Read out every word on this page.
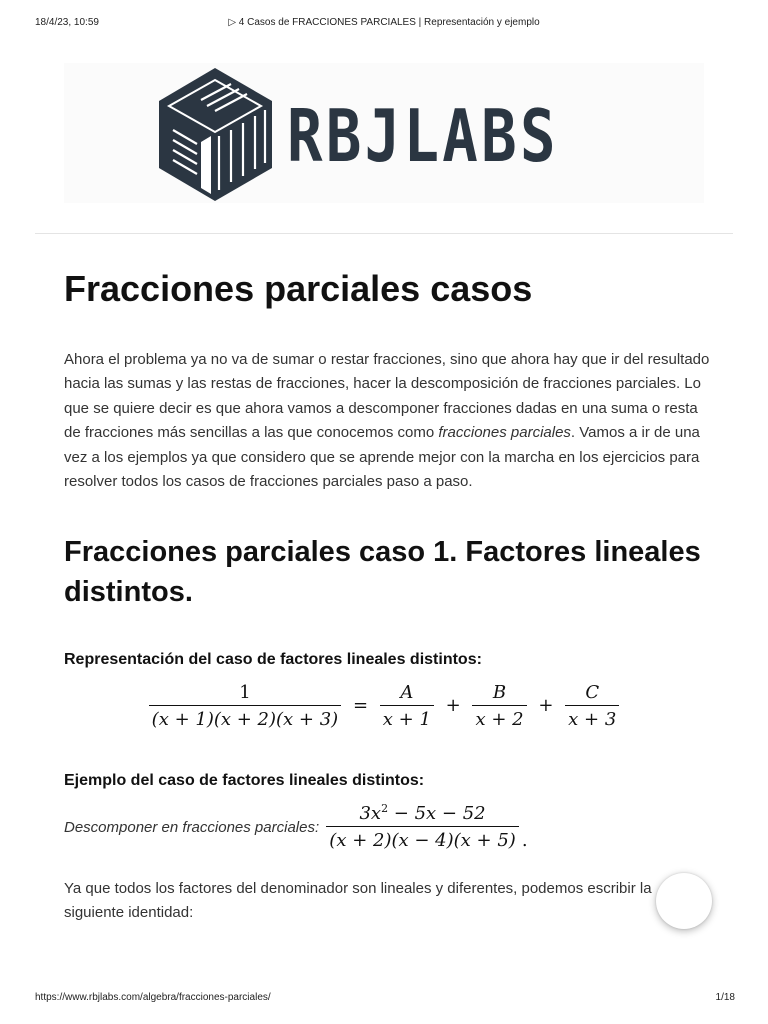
18/4/23, 10:59	▷ 4 Casos de FRACCIONES PARCIALES | Representación y ejemplo
RBJLABS
Fracciones parciales casos

Ahora el problema ya no va de sumar o restar fracciones, sino que ahora hay que ir del resultado hacia las sumas y las restas de fracciones, hacer la descomposición de fracciones parciales. Lo que se quiere decir es que ahora vamos a descomponer fracciones dadas en una suma o resta de fracciones más sencillas a las que conocemos como fracciones parciales. Vamos a ir de una vez a los ejemplos ya que considero que se aprende mejor con la marcha en los ejercicios para resolver todos los casos de fracciones parciales paso a paso.

Fracciones parciales caso 1. Factores lineales distintos.
Representación del caso de factores lineales distintos:
$\frac{1}{(x + 1)(x + 2)(x + 3)} = \frac{A}{x + 1} + \frac{B}{x + 2} + \frac{C}{x + 3}$
Ejemplo del caso de factores lineales distintos:
Descomponer en fracciones parciales: $\frac{3x^2 - 5x - 52}{(x + 2)(x - 4)(x + 5)}$ .

Ya que todos los factores del denominador son lineales y diferentes, podemos escribir la siguiente identidad:

https://www.rbjlabs.com/algebra/fracciones-parciales/	1/18
